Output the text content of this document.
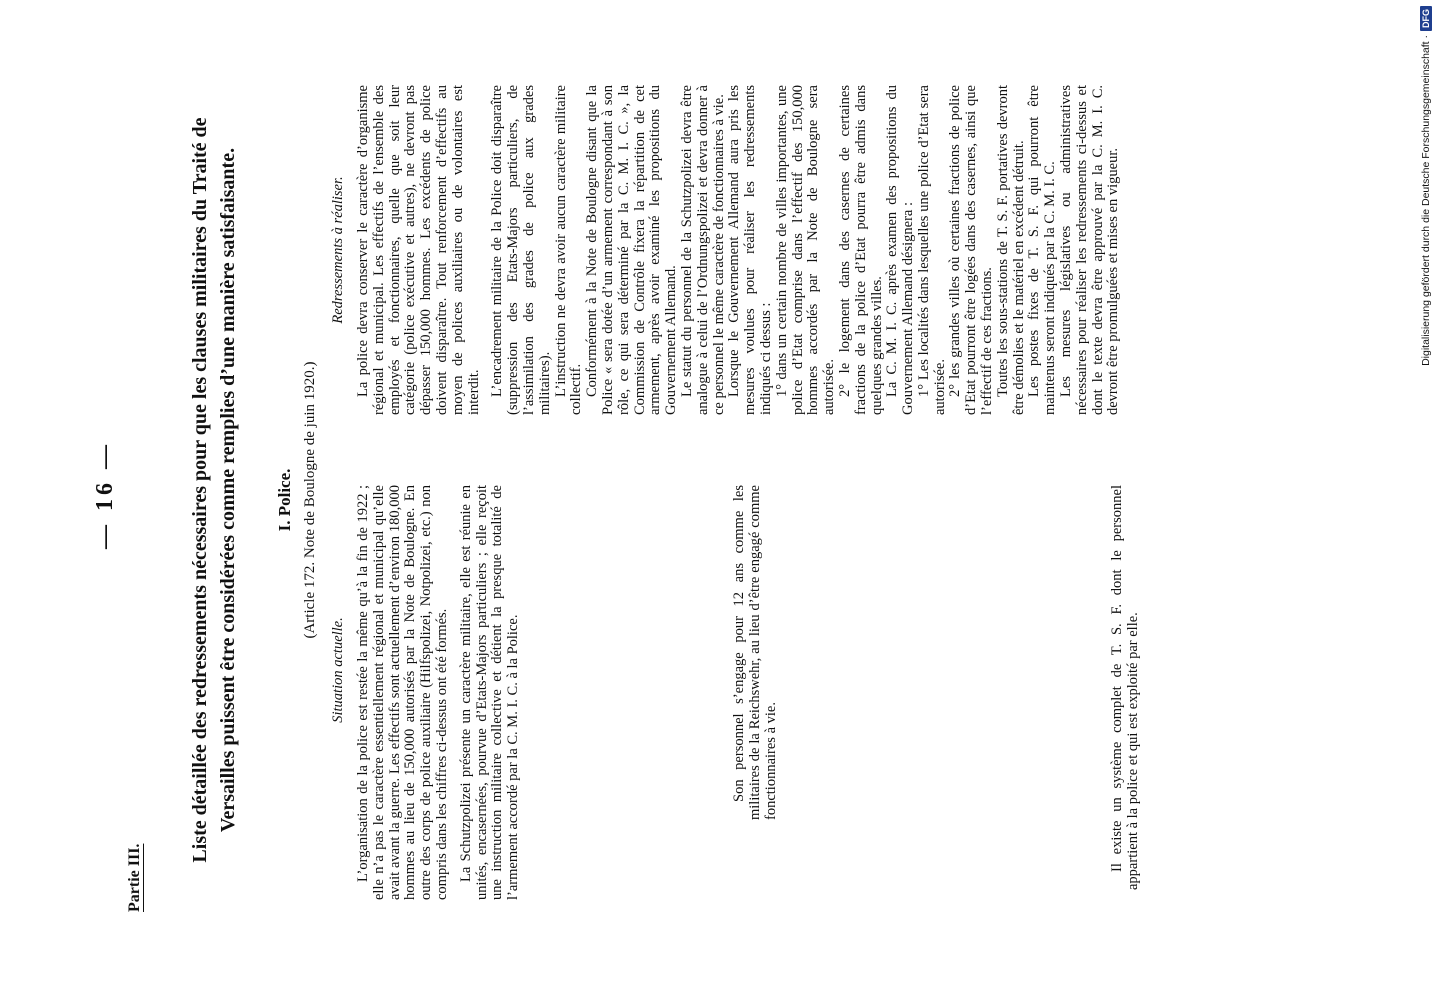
— 16 —
Partie III.
Liste détaillée des redressements nécessaires pour que les clauses militaires du Traité de Versailles puissent être considérées comme remplies d’une manière satisfaisante. I. Police. (Article 172. Note de Boulogne de juin 1920.)
Situation actuelle.
Redressements à réaliser.

L’organisation de la police est restée la même qu’à la fin de 1922 ; elle n’a pas le caractère essentiellement régional et municipal qu’elle avait avant la guerre. Les effectifs sont actuellement d’environ 180,000 hommes au lieu de 150,000 autorisés par la Note de Boulogne. En outre des corps de police auxiliaire (Hilfspolizei, Notpolizei, etc.) non compris dans les chiffres ci-dessus ont été formés. La Schutzpolizei présente un caractère militaire, elle est réunie en unités, encasernées, pourvue d’Etats-Majors particuliers ; elle reçoit une instruction militaire collective et détient la presque totalité de l’armement accordé par la C. M. I. C. à la Police.	Son personnel s’engage pour 12 ans comme les militaires de la Reichswehr, au lieu d’être engagé comme fonctionnaires à vie.	Il existe un système complet de T. S. F. dont le personnel appartient à la police et qui est exploité par elle.

La police devra conserver le caractère d’organisme régional et municipal. Les effectifs de l’ensemble des employés et fonctionnaires, quelle que soit leur catégorie (police exécutive et autres), ne devront pas dépasser 150,000 hommes. Les excédents de police doivent disparaître. Tout renforcement d’effectifs au moyen de polices auxiliaires ou de volontaires est interdit. L’encadrement militaire de la Police doit disparaître (suppression des Etats-Majors particuliers, de l’assimilation des grades de police aux grades militaires). L’instruction ne devra avoir aucun caractère militaire collectif. Conformément à la Note de Boulogne disant que la Police « sera dotée d’un armement correspondant à son rôle, ce qui sera déterminé par la C. M. I. C. », la Commission de Contrôle fixera la répartition de cet armement, après avoir examiné les propositions du Gouvernement Allemand. Le statut du personnel de la Schutzpolizei devra être analogue à celui de l’Ordnungspolizei et devra donner à ce personnel le même caractère de fonctionnaires à vie. Lorsque le Gouvernement Allemand aura pris les mesures voulues pour réaliser les redressements indiqués ci dessus : 1° dans un certain nombre de villes importantes, une police d’Etat comprise dans l’effectif des 150,000 hommes accordés par la Note de Boulogne sera autorisée. 2° le logement dans des casernes de certaines fractions de la police d’Etat pourra être admis dans quelques grandes villes. La C. M. I. C. après examen des propositions du Gouvernement Allemand désignera : 1° Les localités dans lesquelles une police d’Etat sera autorisée. 2° les grandes villes où certaines fractions de police d’Etat pourront être logées dans des casernes, ainsi que l’effectif de ces fractions. Toutes les sous-stations de T. S. F. portatives devront être démolies et le matériel en excédent détruit. Les postes fixes de T. S. F. qui pourront être maintenus seront indiqués par la C. M. I. C. Les mesures législatives ou administratives nécessaires pour réaliser les redressements ci-dessus et dont le texte devra être approuvé par la C. M. I. C. devront être promulguées et mises en vigueur.	Digitalisierung gefördert durch die Deutsche Forschungsgemeinschaft ·
DFG
